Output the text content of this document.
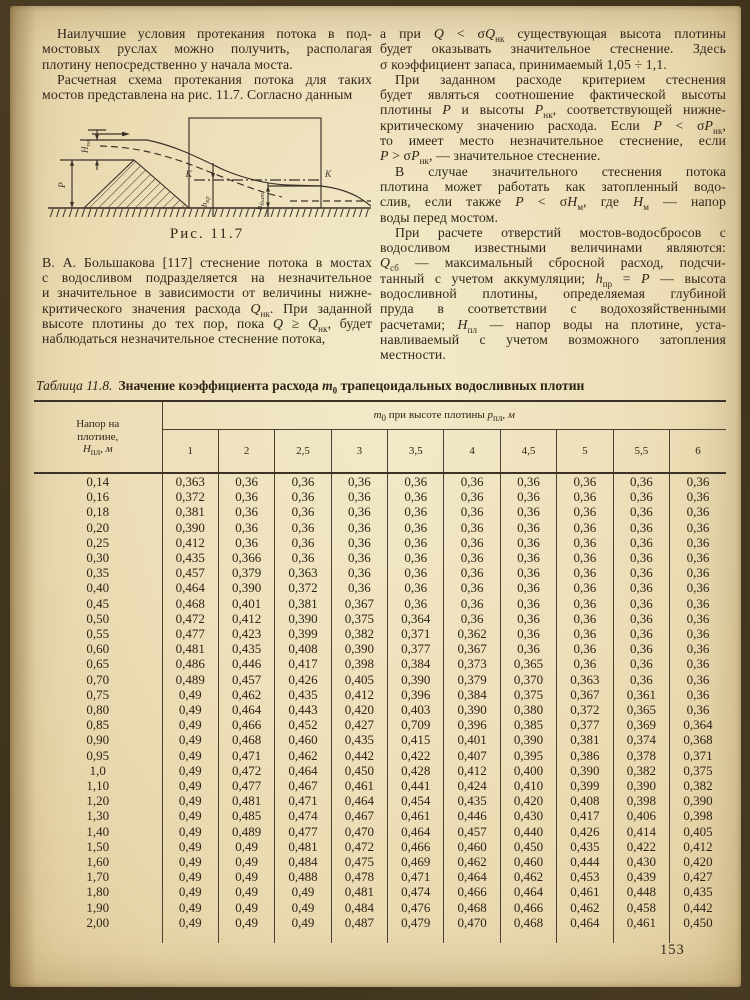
Наилучшие условия протекания потока в под-
мостовых руслах можно получить, располагая
плотину непосредственно у начала моста.
Расчетная схема протекания потока для таких
мостов представлена на рис. 11.7. Согласно данным
$H_{пл}$
P
K	K
$h_{кр}$
$h_{быт}$
Рис. 11.7
В. А. Большакова [117] стеснение потока в мостах
с водосливом подразделяется на незначительное
и значительное в зависимости от величины нижне-
критического значения расхода $Q_{нк}$. При заданной
высоте плотины до тех пор, пока $Q \ge Q_{нк}$, будет
наблюдаться незначительное стеснение потока,
а при $Q < \sigma Q_{нк}$ существующая высота плотины
будет оказывать значительное стеснение. Здесь
σ коэффициент запаса, принимаемый 1,05 ÷ 1,1.
При заданном расходе критерием стеснения
будет являться соотношение фактической высоты
плотины P и высоты $P_{нк}$, соответствующей нижне-
критическому значению расхода. Если $P < \sigma P_{нк}$,
то имеет место незначительное стеснение, если
$P > \sigma P_{нк}$, — значительное стеснение.
В случае значительного стеснения потока
плотина может работать как затопленный водо-
слив, если также $P < \sigma H_м$, где $H_м$ — напор
воды перед мостом.
При расчете отверстий мостов-водосбросов с
водосливом известными величинами являются:
$Q_{сб}$ — максимальный сбросной расход, подсчи-
танный с учетом аккумуляции; $h_{пр} = P$ — высота
водосливной плотины, определяемая глубиной
пруда в соответствии с водохозяйственными
расчетами; $H_{пл}$ — напор воды на плотине, уста-
навливаемый с учетом возможного затопления
местности.
Таблица 11.8. Значение коэффициента расхода $m_0$ трапецоидальных водосливных плотин
Напор на
плотине,
$H_{пл}$, м	$m_0$ при высоте плотины $p_{пл}$, м									
	1	2	2,5	3	3,5	4	4,5	5	5,5	6
0,14	0,363	0,36	0,36	0,36	0,36	0,36	0,36	0,36	0,36	0,36
0,16	0,372	0,36	0,36	0,36	0,36	0,36	0,36	0,36	0,36	0,36
0,18	0,381	0,36	0,36	0,36	0,36	0,36	0,36	0,36	0,36	0,36
0,20	0,390	0,36	0,36	0,36	0,36	0,36	0,36	0,36	0,36	0,36
0,25	0,412	0,36	0,36	0,36	0,36	0,36	0,36	0,36	0,36	0,36
0,30	0,435	0,366	0,36	0,36	0,36	0,36	0,36	0,36	0,36	0,36
0,35	0,457	0,379	0,363	0,36	0,36	0,36	0,36	0,36	0,36	0,36
0,40	0,464	0,390	0,372	0,36	0,36	0,36	0,36	0,36	0,36	0,36
0,45	0,468	0,401	0,381	0,367	0,36	0,36	0,36	0,36	0,36	0,36
0,50	0,472	0,412	0,390	0,375	0,364	0,36	0,36	0,36	0,36	0,36
0,55	0,477	0,423	0,399	0,382	0,371	0,362	0,36	0,36	0,36	0,36
0,60	0,481	0,435	0,408	0,390	0,377	0,367	0,36	0,36	0,36	0,36
0,65	0,486	0,446	0,417	0,398	0,384	0,373	0,365	0,36	0,36	0,36
0,70	0,489	0,457	0,426	0,405	0,390	0,379	0,370	0,363	0,36	0,36
0,75	0,49	0,462	0,435	0,412	0,396	0,384	0,375	0,367	0,361	0,36
0,80	0,49	0,464	0,443	0,420	0,403	0,390	0,380	0,372	0,365	0,36
0,85	0,49	0,466	0,452	0,427	0,709	0,396	0,385	0,377	0,369	0,364
0,90	0,49	0,468	0,460	0,435	0,415	0,401	0,390	0,381	0,374	0,368
0,95	0,49	0,471	0,462	0,442	0,422	0,407	0,395	0,386	0,378	0,371
1,0	0,49	0,472	0,464	0,450	0,428	0,412	0,400	0,390	0,382	0,375
1,10	0,49	0,477	0,467	0,461	0,441	0,424	0,410	0,399	0,390	0,382
1,20	0,49	0,481	0,471	0,464	0,454	0,435	0,420	0,408	0,398	0,390
1,30	0,49	0,485	0,474	0,467	0,461	0,446	0,430	0,417	0,406	0,398
1,40	0,49	0,489	0,477	0,470	0,464	0,457	0,440	0,426	0,414	0,405
1,50	0,49	0,49	0,481	0,472	0,466	0,460	0,450	0,435	0,422	0,412
1,60	0,49	0,49	0,484	0,475	0,469	0,462	0,460	0,444	0,430	0,420
1,70	0,49	0,49	0,488	0,478	0,471	0,464	0,462	0,453	0,439	0,427
1,80	0,49	0,49	0,49	0,481	0,474	0,466	0,464	0,461	0,448	0,435
1,90	0,49	0,49	0,49	0,484	0,476	0,468	0,466	0,462	0,458	0,442
2,00	0,49	0,49	0,49	0,487	0,479	0,470	0,468	0,464	0,461	0,450

153
